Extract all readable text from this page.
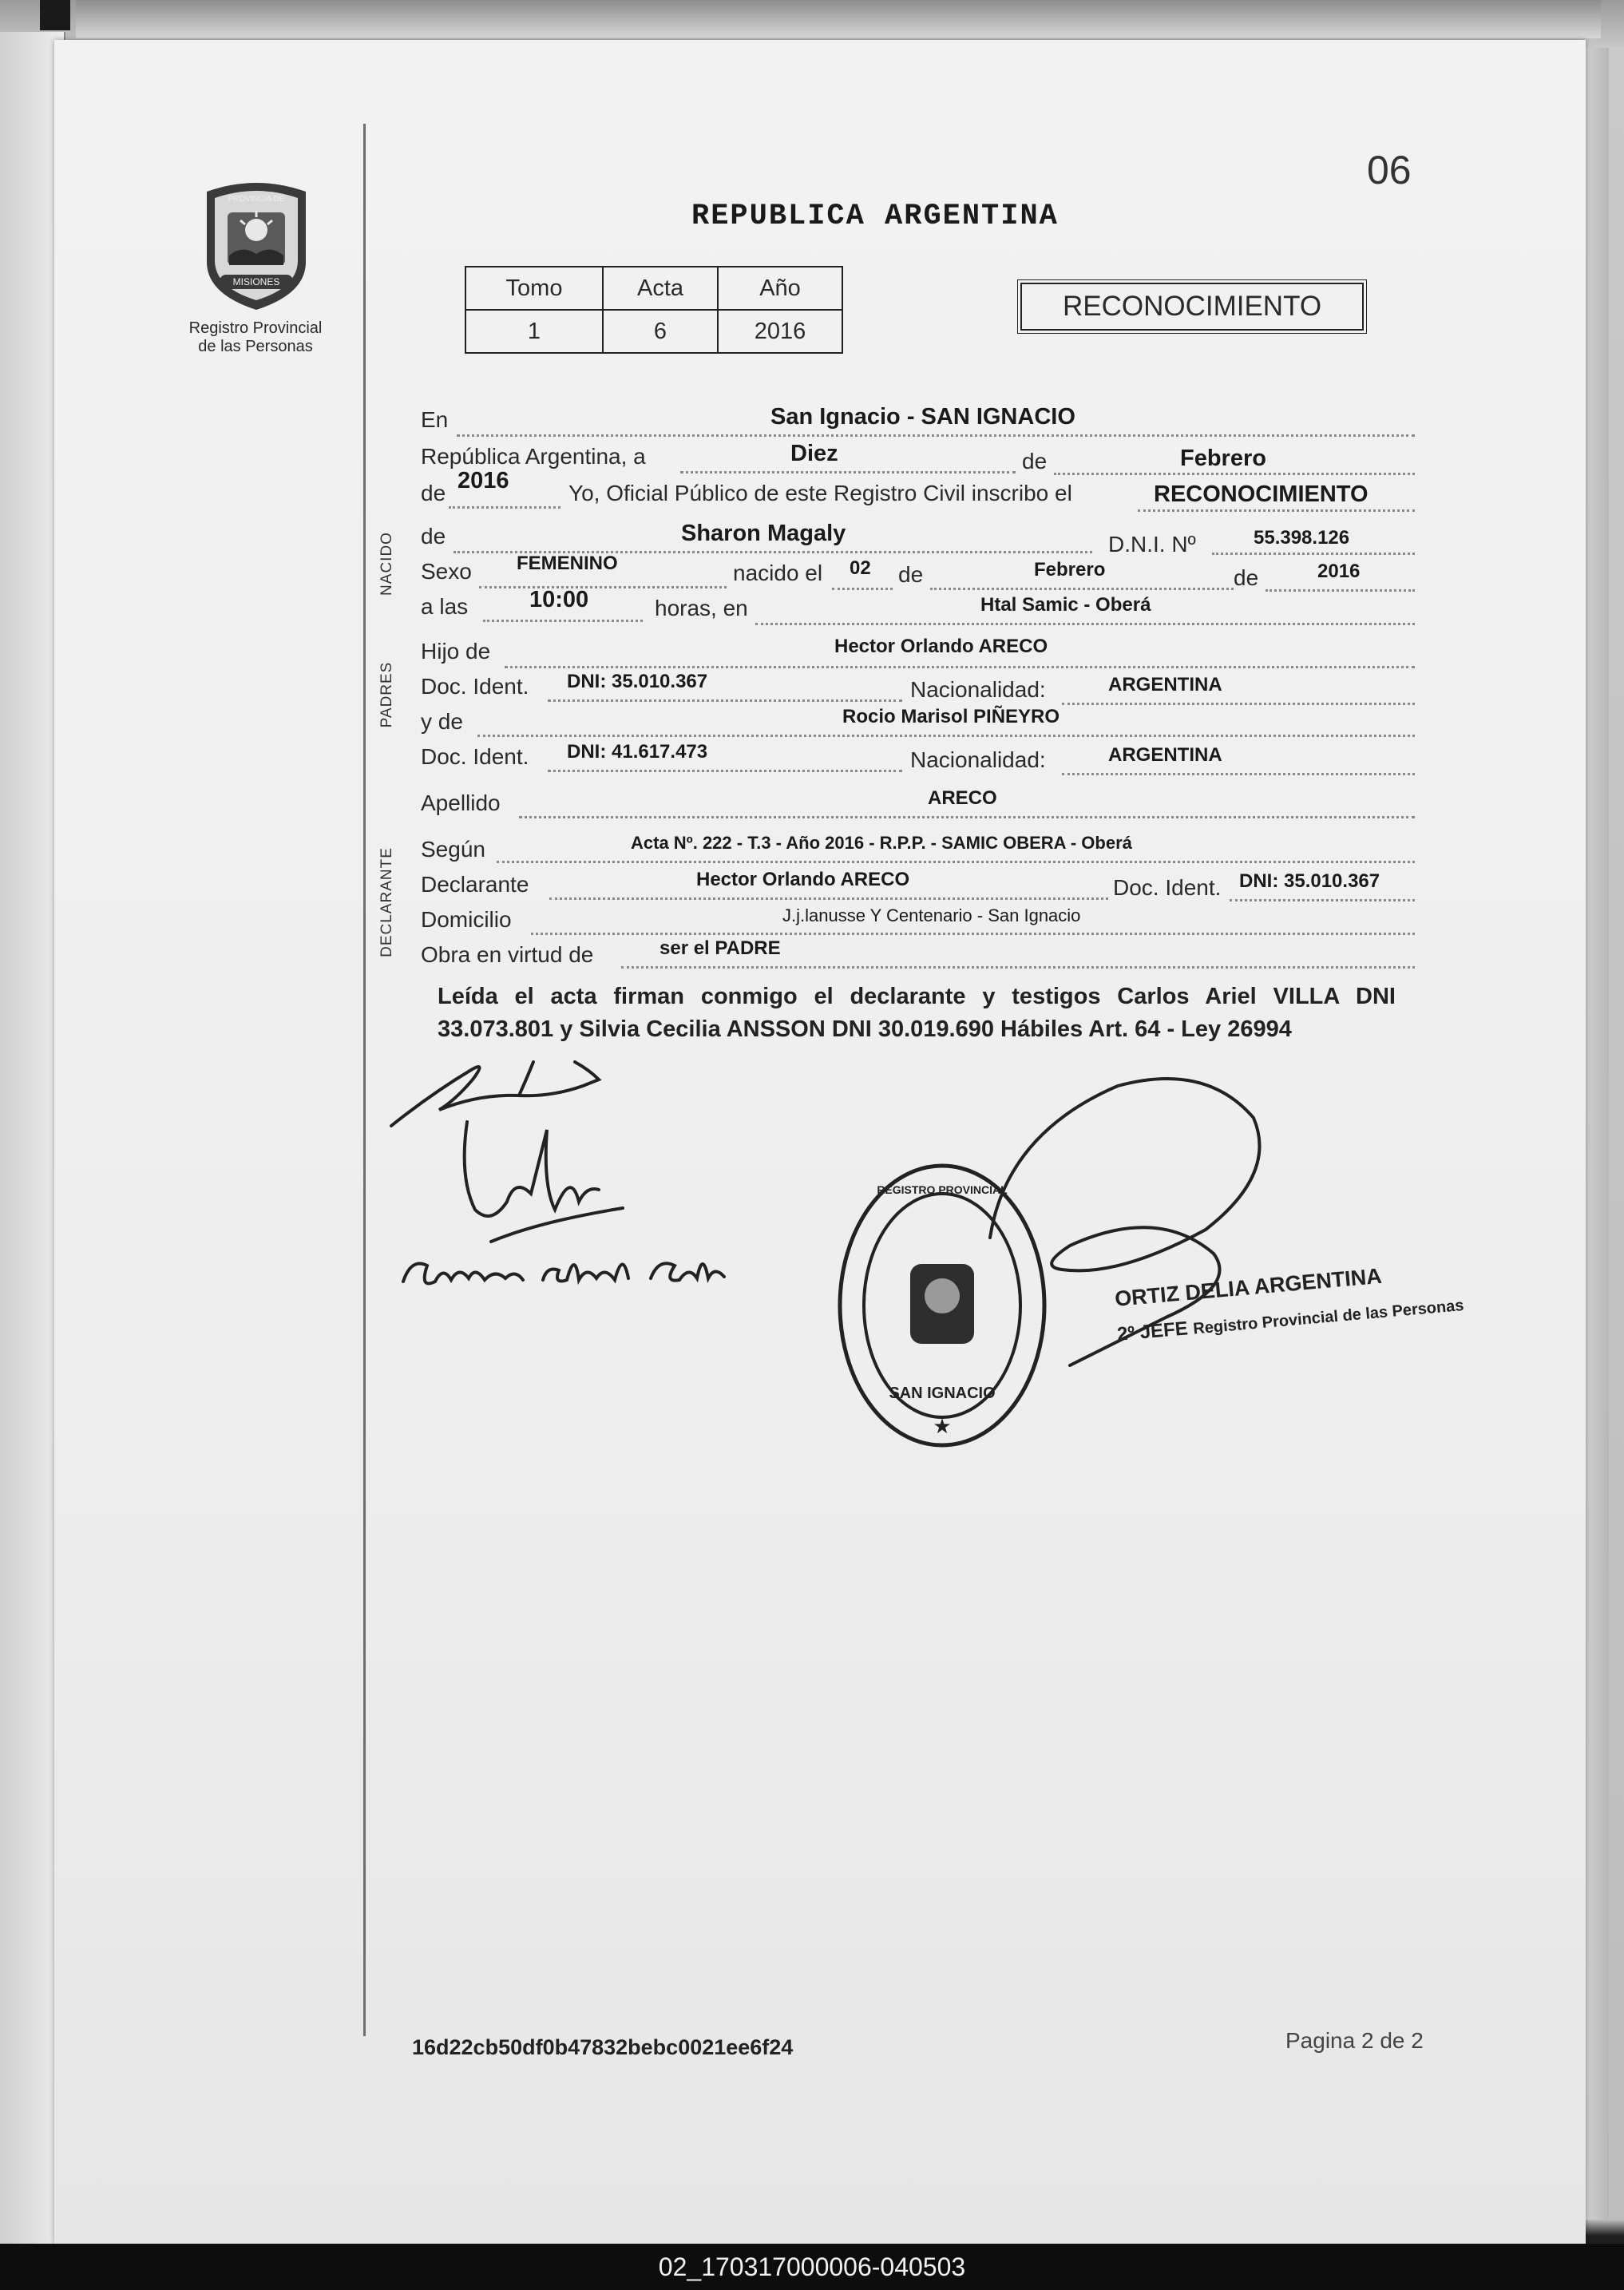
MISIONES
PROVINCIA DE
Registro Provincial
de las Personas
06
REPUBLICA ARGENTINA
Tomo	Acta	Año
1	6	2016
RECONOCIMIENTO
NACIDO
PADRES
DECLARANTE
En	San Ignacio - SAN IGNACIO
República Argentina, a	Diez	de	Febrero
de 2016	Yo, Oficial Público de este Registro Civil inscribo el	RECONOCIMIENTO
de	Sharon Magaly	D.N.I. Nº	55.398.126
Sexo FEMENINO	nacido el 02 de	Febrero	de	2016
a las	10:00	horas, en	Htal Samic - Oberá
Hijo de	Hector Orlando ARECO
Doc. Ident. DNI: 35.010.367	Nacionalidad:	ARGENTINA
y de	Rocio Marisol PIÑEYRO
Doc. Ident. DNI: 41.617.473	Nacionalidad:	ARGENTINA
Apellido	ARECO
Según	Acta Nº. 222 - T.3 - Año 2016 - R.P.P. - SAMIC OBERA - Oberá
Declarante	Hector Orlando ARECO	Doc. Ident. DNI: 35.010.367
Domicilio	J.j.lanusse Y Centenario - San Ignacio
Obra en virtud de	ser el PADRE
Leída el acta firman conmigo el declarante y testigos Carlos Ariel VILLA DNI 33.073.801 y Silvia Cecilia ANSSON DNI 30.019.690 Hábiles Art. 64 - Ley 26994
SAN IGNACIO
★
REGISTRO PROVINCIAL
ORTIZ DELIA ARGENTINA
2º JEFE Registro Provincial de las Personas
16d22cb50df0b47832bebc0021ee6f24	Pagina 2 de 2
02_170317000006-040503
